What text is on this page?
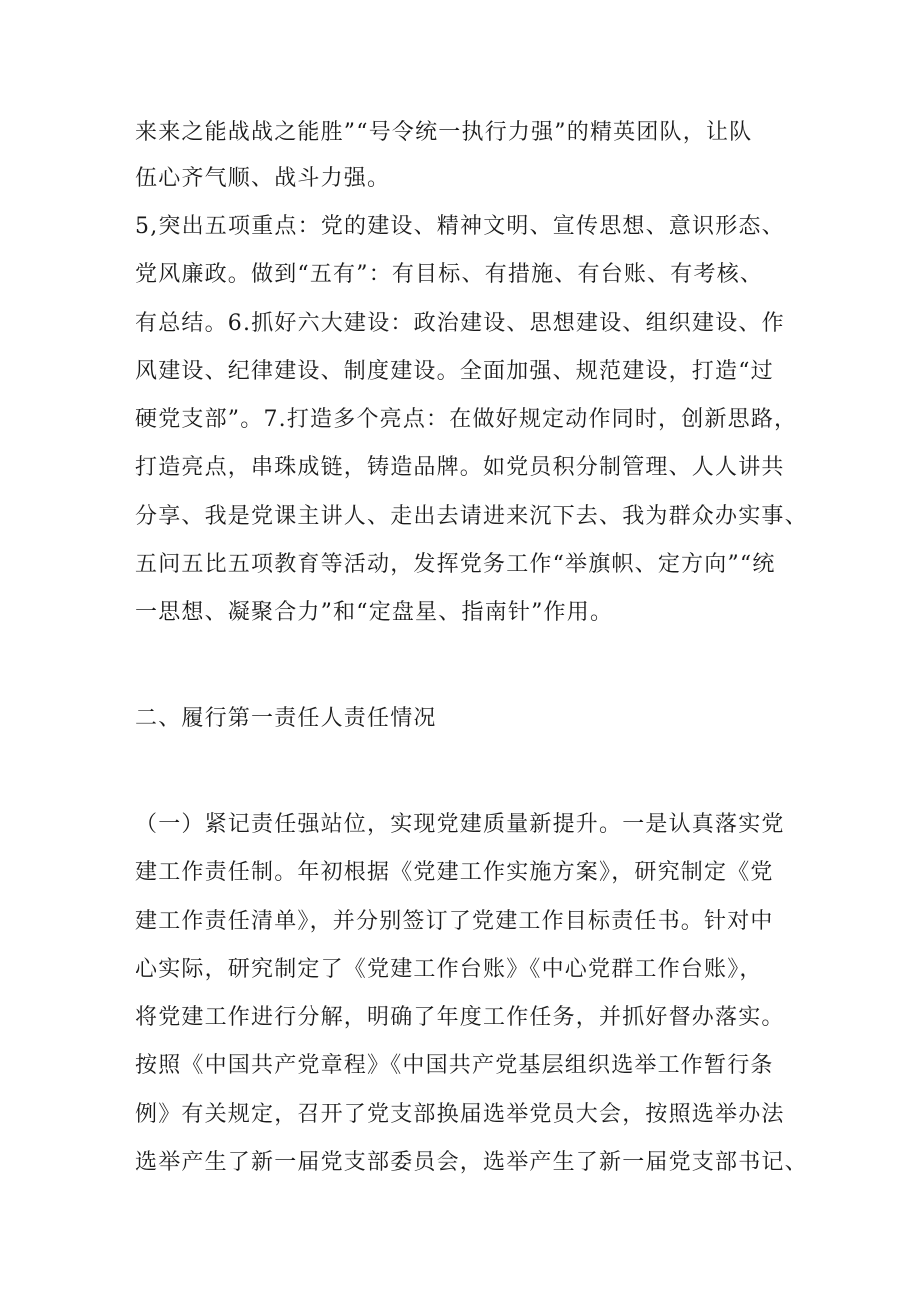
来来之能战战之能胜”“号令统一执行力强”的精英团队，让队
伍心齐气顺、战斗力强。
5,突出五项重点：党的建设、精神文明、宣传思想、意识形态、
党风廉政。做到“五有”：有目标、有措施、有台账、有考核、
有总结。6.抓好六大建设：政治建设、思想建设、组织建设、作
风建设、纪律建设、制度建设。全面加强、规范建设，打造“过
硬党支部”。7.打造多个亮点：在做好规定动作同时，创新思路，
打造亮点，串珠成链，铸造品牌。如党员积分制管理、人人讲共
分享、我是党课主讲人、走出去请进来沉下去、我为群众办实事、
五问五比五项教育等活动，发挥党务工作“举旗帜、定方向”“统
一思想、凝聚合力”和“定盘星、指南针”作用。
二、履行第一责任人责任情况
（一）紧记责任强站位，实现党建质量新提升。一是认真落实党
建工作责任制。年初根据《党建工作实施方案》，研究制定《党
建工作责任清单》，并分别签订了党建工作目标责任书。针对中
心实际，研究制定了《党建工作台账》《中心党群工作台账》，
将党建工作进行分解，明确了年度工作任务，并抓好督办落实。
按照《中国共产党章程》《中国共产党基层组织选举工作暂行条
例》有关规定，召开了党支部换届选举党员大会，按照选举办法
选举产生了新一届党支部委员会，选举产生了新一届党支部书记、
